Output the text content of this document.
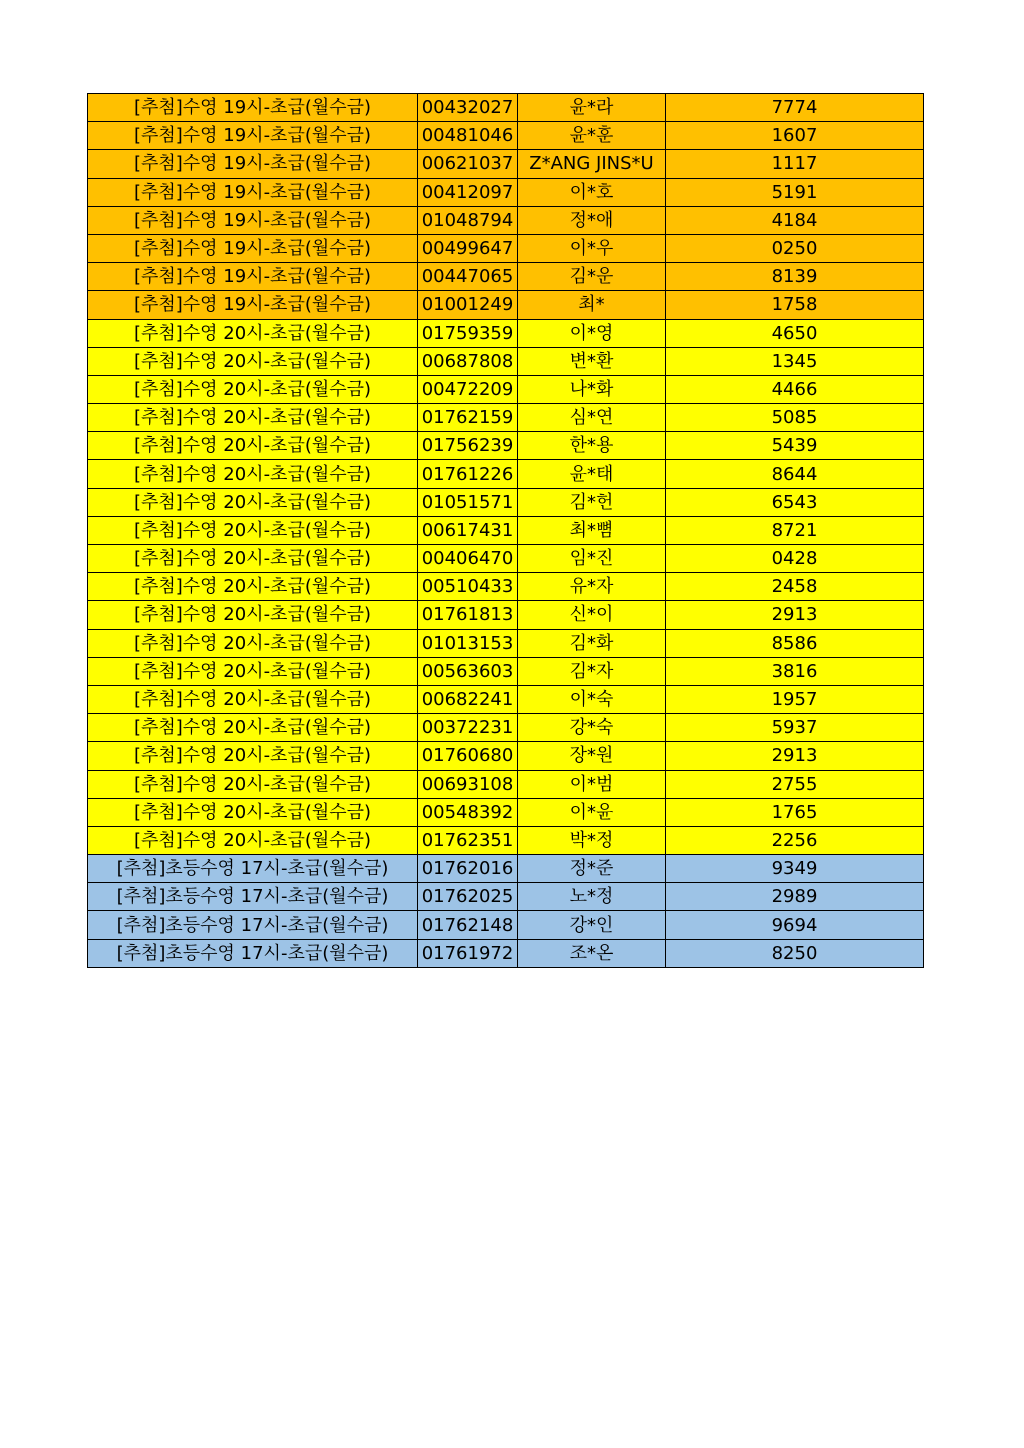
[추첨]수영 19시-초급(월수금)	00432027	윤*라	7774
[추첨]수영 19시-초급(월수금)	00481046	윤*훈	1607
[추첨]수영 19시-초급(월수금)	00621037	Z*ANG JINS*U	1117
[추첨]수영 19시-초급(월수금)	00412097	이*호	5191
[추첨]수영 19시-초급(월수금)	01048794	정*애	4184
[추첨]수영 19시-초급(월수금)	00499647	이*우	0250
[추첨]수영 19시-초급(월수금)	00447065	김*운	8139
[추첨]수영 19시-초급(월수금)	01001249	최*	1758
[추첨]수영 20시-초급(월수금)	01759359	이*영	4650
[추첨]수영 20시-초급(월수금)	00687808	변*환	1345
[추첨]수영 20시-초급(월수금)	00472209	나*화	4466
[추첨]수영 20시-초급(월수금)	01762159	심*연	5085
[추첨]수영 20시-초급(월수금)	01756239	한*용	5439
[추첨]수영 20시-초급(월수금)	01761226	윤*태	8644
[추첨]수영 20시-초급(월수금)	01051571	김*헌	6543
[추첨]수영 20시-초급(월수금)	00617431	최*뼘	8721
[추첨]수영 20시-초급(월수금)	00406470	임*진	0428
[추첨]수영 20시-초급(월수금)	00510433	유*자	2458
[추첨]수영 20시-초급(월수금)	01761813	신*이	2913
[추첨]수영 20시-초급(월수금)	01013153	김*화	8586
[추첨]수영 20시-초급(월수금)	00563603	김*자	3816
[추첨]수영 20시-초급(월수금)	00682241	이*숙	1957
[추첨]수영 20시-초급(월수금)	00372231	강*숙	5937
[추첨]수영 20시-초급(월수금)	01760680	장*원	2913
[추첨]수영 20시-초급(월수금)	00693108	이*범	2755
[추첨]수영 20시-초급(월수금)	00548392	이*윤	1765
[추첨]수영 20시-초급(월수금)	01762351	박*정	2256
[추첨]초등수영 17시-초급(월수금)	01762016	정*준	9349
[추첨]초등수영 17시-초급(월수금)	01762025	노*정	2989
[추첨]초등수영 17시-초급(월수금)	01762148	강*인	9694
[추첨]초등수영 17시-초급(월수금)	01761972	조*온	8250
